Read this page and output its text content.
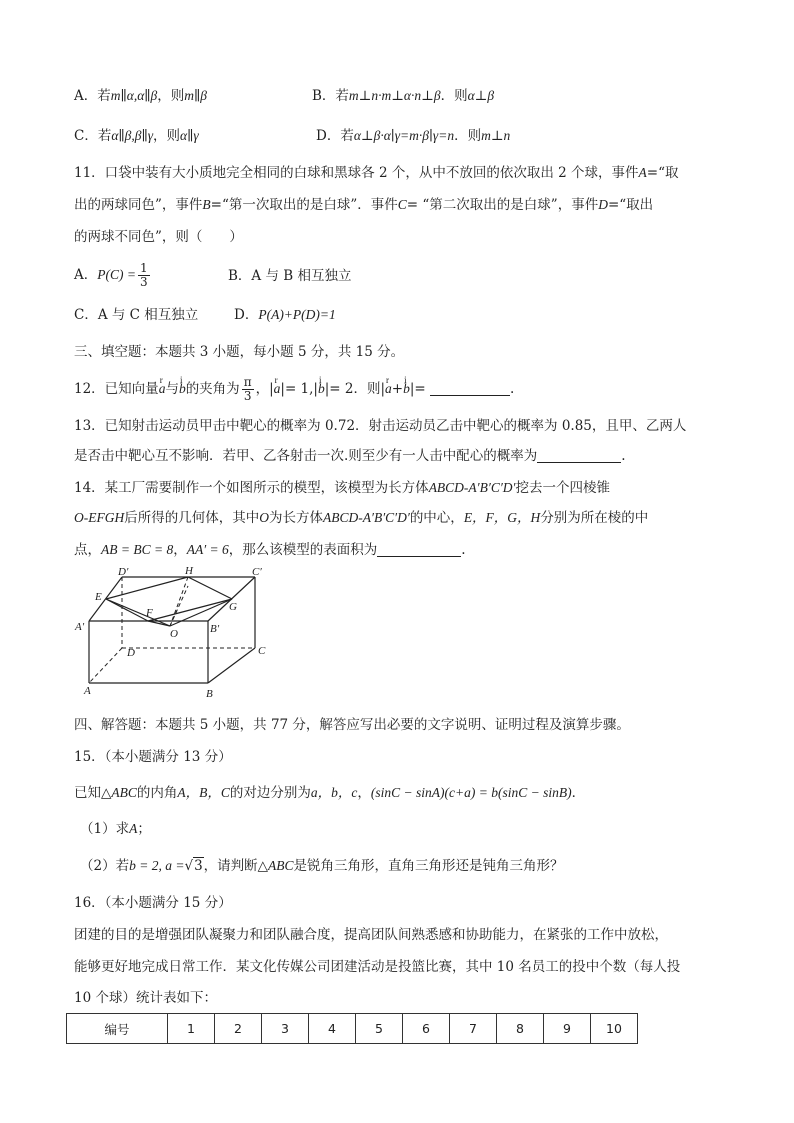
A．若m∥α,α∥β，则m∥β	B．若m⊥n·m⊥α·n⊥β．则α⊥β
C．若α∥β,β∥γ，则α∥γ	D．若α⊥β·α∣γ=m·β∣γ=n．则m⊥n
11．口袋中装有大小质地完全相同的白球和黑球各 2 个，从中不放回的依次取出 2 个球，事件A=“取
出的两球同色”，事件B=“第一次取出的是白球”．事件C= “第二次取出的是白球”，事件D=“取出
的两球不同色”，则（　　）
A．$P(C) = \frac{1}{3}$	B．A 与 B 相互独立
C．A 与 C 相互独立	D．P(A)+P(D)=1
三、填空题：本题共 3 小题，每小题 5 分，共 15 分。
12．已知向量r a与i b的夹角为 $\frac{\pi}{3}$ ，|r a|= 1,|i b|= 2．则|r a+i b|=	.
13．已知射击运动员甲击中靶心的概率为 0.72．射击运动员乙击中靶心的概率为 0.85，且甲、乙两人
是否击中靶心互不影响．若甲、乙各射击一次.则至少有一人击中配心的概率为	.
14．某工厂需要制作一个如图所示的模型，该模型为长方体ABCD-A′B′C′D′挖去一个四棱锥
O-EFGH后所得的几何体，其中O为长方体ABCD-A′B′C′D′的中心，E，F，G，H分别为所在棱的中
点，AB = BC = 8，AA′ = 6，那么该模型的表面积为	.
D′	H	C′
E
G
F
A′
O	B′
D	C
A	B
四、解答题：本题共 5 小题，共 77 分，解答应写出必要的文字说明、证明过程及演算步骤。
15．（本小题满分 13 分）
已知△ABC的内角A，B，C的对边分别为a，b，c，(sinC − sinA)(c+a) = b(sinC − sinB)．
（1）求A；
（2）若b = 2, a =√3，请判断△ABC是锐角三角形，直角三角形还是钝角三角形？
16．（本小题满分 15 分）
团建的目的是增强团队凝聚力和团队融合度，提高团队间熟悉感和协助能力，在紧张的工作中放松，
能够更好地完成日常工作．某文化传媒公司团建活动是投篮比赛，其中 10 名员工的投中个数（每人投
10 个球）统计表如下：
编号	1	2	3	4	5	6	7	8	9	10
